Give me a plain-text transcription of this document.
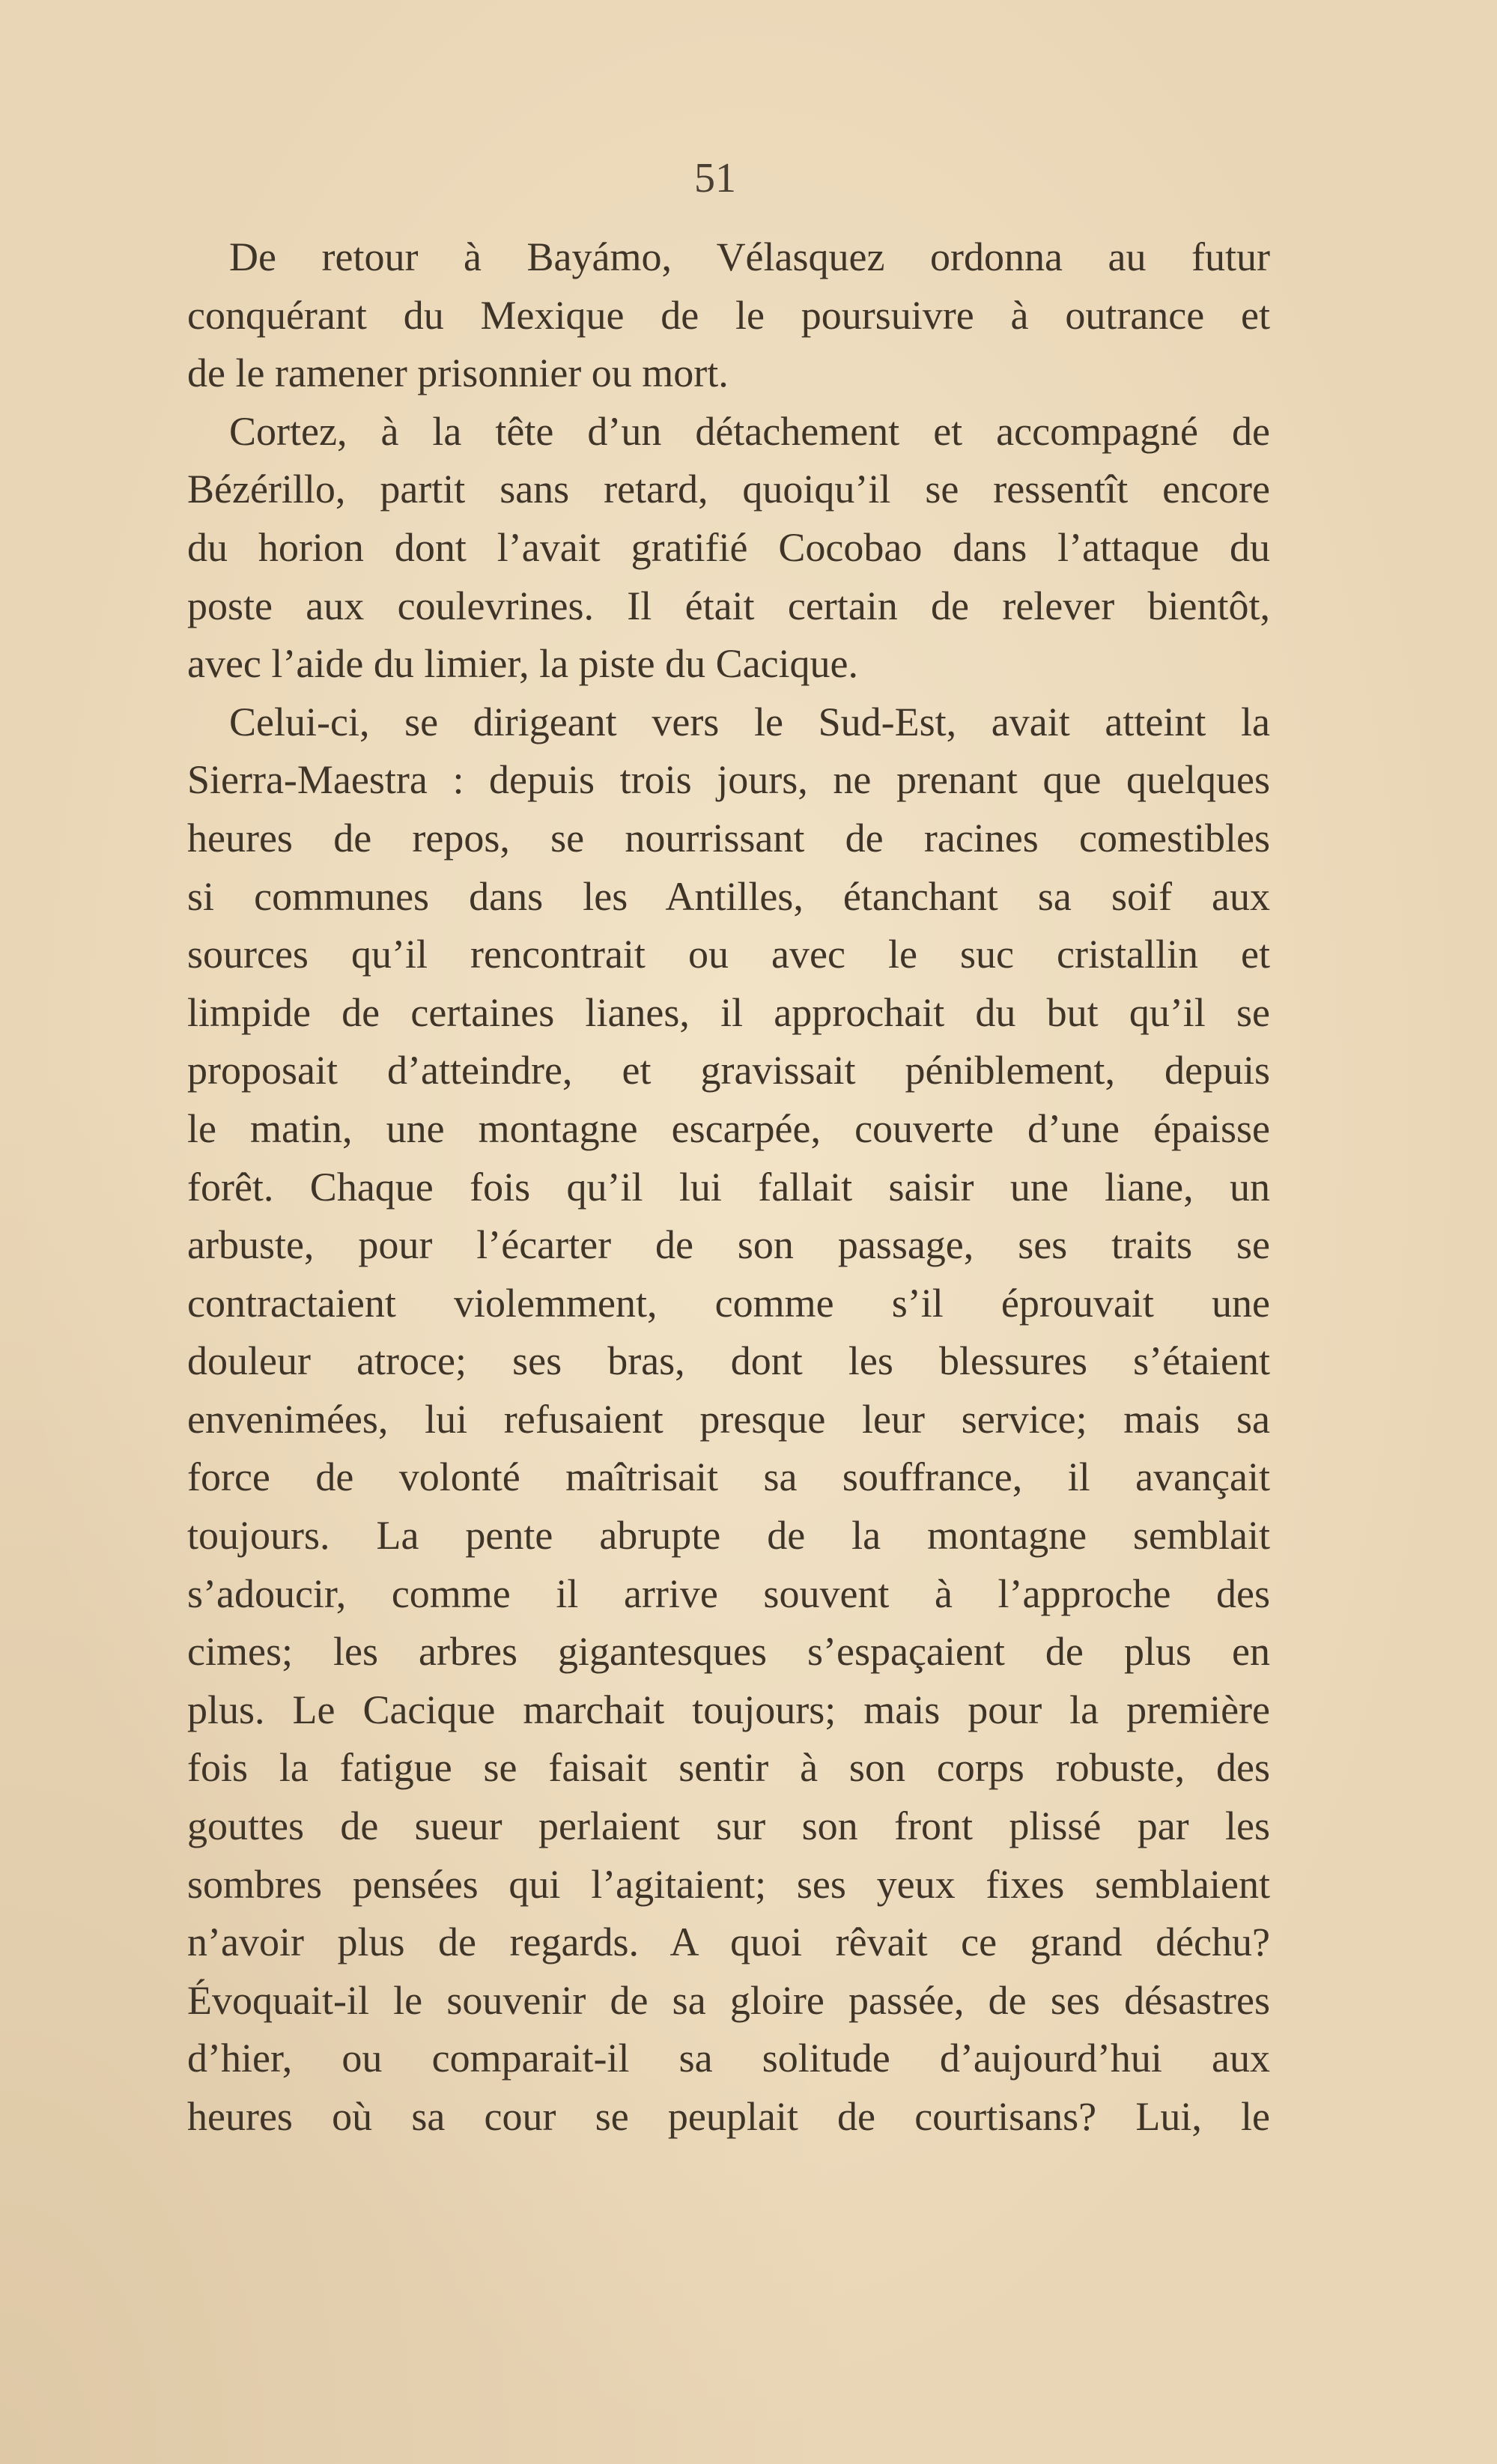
51
De retour à Bayámo, Vélasquez ordonna au futur
conquérant du Mexique de le poursuivre à outrance et
de le ramener prisonnier ou mort.
Cortez, à la tête d’un détachement et accompagné de
Bézérillo, partit sans retard, quoiqu’il se ressentît encore
du horion dont l’avait gratifié Cocobao dans l’attaque du
poste aux coulevrines. Il était certain de relever bientôt,
avec l’aide du limier, la piste du Cacique.
Celui-ci, se dirigeant vers le Sud-Est, avait atteint la
Sierra-Maestra : depuis trois jours, ne prenant que quelques
heures de repos, se nourrissant de racines comestibles
si communes dans les Antilles, étanchant sa soif aux
sources qu’il rencontrait ou avec le suc cristallin et
limpide de certaines lianes, il approchait du but qu’il se
proposait d’atteindre, et gravissait péniblement, depuis
le matin, une montagne escarpée, couverte d’une épaisse
forêt. Chaque fois qu’il lui fallait saisir une liane, un
arbuste, pour l’écarter de son passage, ses traits se
contractaient violemment, comme s’il éprouvait une
douleur atroce; ses bras, dont les blessures s’étaient
envenimées, lui refusaient presque leur service; mais sa
force de volonté maîtrisait sa souffrance, il avançait
toujours. La pente abrupte de la montagne semblait
s’adoucir, comme il arrive souvent à l’approche des
cimes; les arbres gigantesques s’espaçaient de plus en
plus. Le Cacique marchait toujours; mais pour la première
fois la fatigue se faisait sentir à son corps robuste, des
gouttes de sueur perlaient sur son front plissé par les
sombres pensées qui l’agitaient; ses yeux fixes semblaient
n’avoir plus de regards. A quoi rêvait ce grand déchu?
Évoquait-il le souvenir de sa gloire passée, de ses désastres
d’hier, ou comparait-il sa solitude d’aujourd’hui aux
heures où sa cour se peuplait de courtisans? Lui, le
